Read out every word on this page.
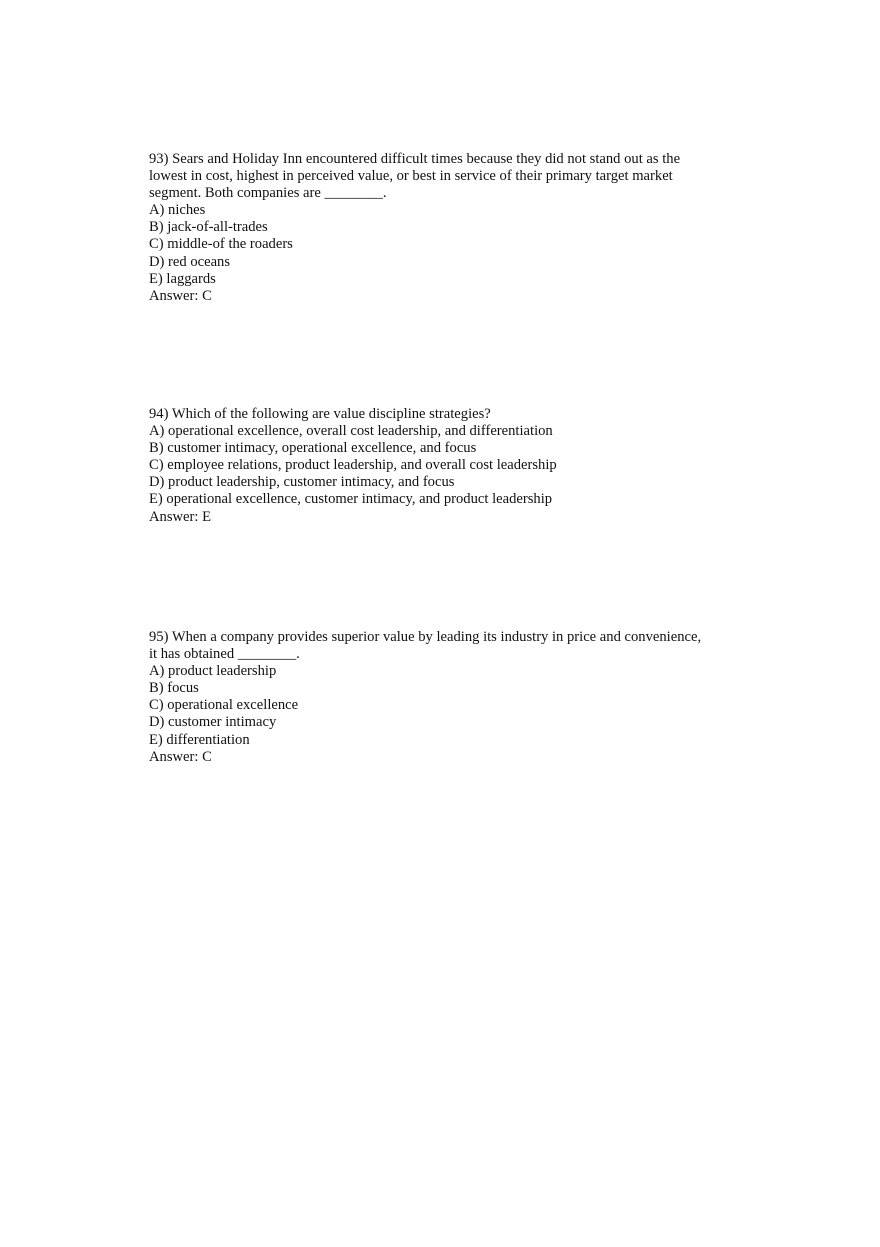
93) Sears and Holiday Inn encountered difficult times because they did not stand out as the
lowest in cost, highest in perceived value, or best in service of their primary target market
segment. Both companies are ________.
A) niches
B) jack-of-all-trades
C) middle-of the roaders
D) red oceans
E) laggards
Answer: C
94) Which of the following are value discipline strategies?
A) operational excellence, overall cost leadership, and differentiation
B) customer intimacy, operational excellence, and focus
C) employee relations, product leadership, and overall cost leadership
D) product leadership, customer intimacy, and focus
E) operational excellence, customer intimacy, and product leadership
Answer: E
95) When a company provides superior value by leading its industry in price and convenience,
it has obtained ________.
A) product leadership
B) focus
C) operational excellence
D) customer intimacy
E) differentiation
Answer: C
